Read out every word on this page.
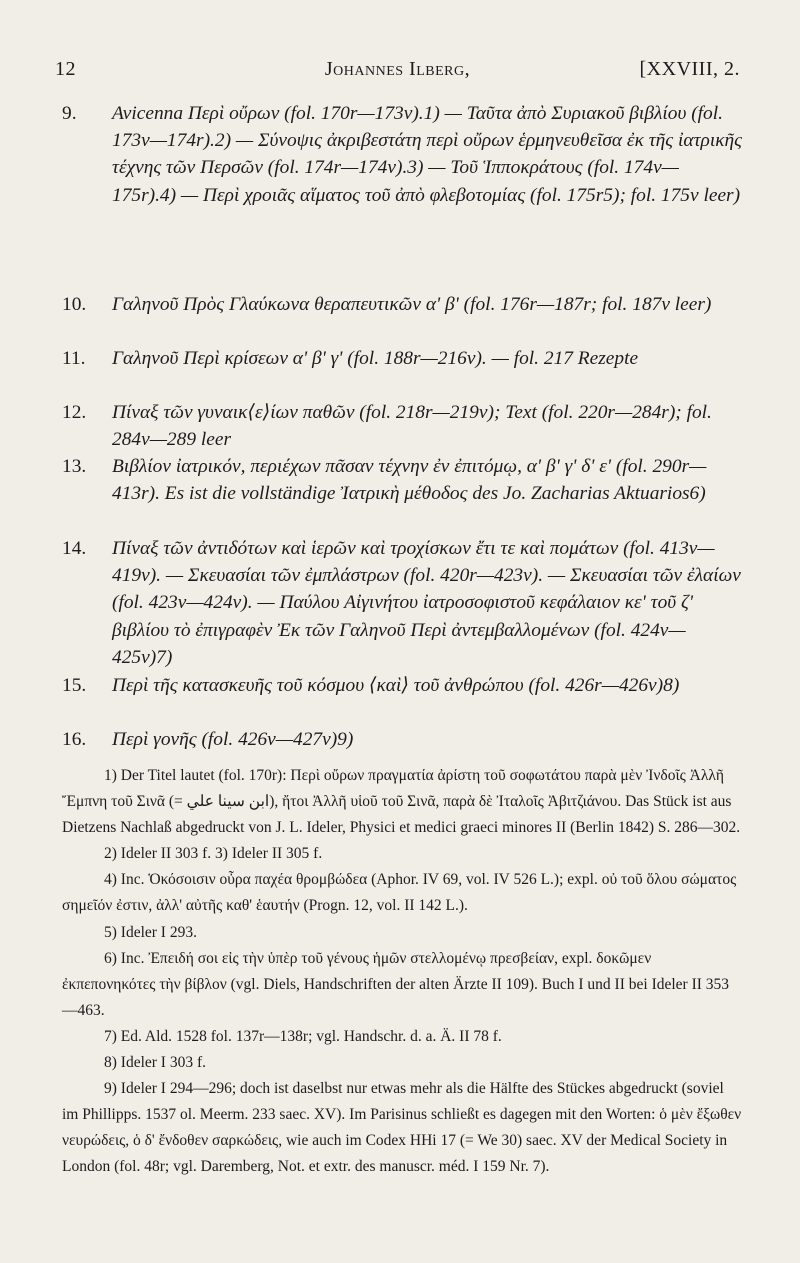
12	Johannes Ilberg,	[XXVIII, 2.
9. Avicenna Περὶ οὔρων (fol. 170r—173v).1) — Ταῦτα ἀπὸ Συριακοῦ βιβλίου (fol. 173v—174r).2) — Σύνοψις ἀκριβεστάτη περὶ οὔρων ἑρμηνευθεῖσα ἐκ τῆς ἰατρικῆς τέχνης τῶν Περσῶν (fol. 174r—174v).3) — Τοῦ Ἱπποκράτους (fol. 174v—175r).4) — Περὶ χροιᾶς αἵματος τοῦ ἀπὸ φλεβοτομίας (fol. 175r5); fol. 175v leer)
10. Γαληνοῦ Πρὸς Γλαύκωνα θεραπευτικῶν α' β' (fol. 176r—187r; fol. 187v leer)
11. Γαληνοῦ Περὶ κρίσεων α' β' γ' (fol. 188r—216v). — fol. 217 Rezepte
12. Πίναξ τῶν γυναικ⟨ε⟩ίων παθῶν (fol. 218r—219v); Text (fol. 220r—284r); fol. 284v—289 leer
13. Βιβλίον ἰατρικόν, περιέχων πᾶσαν τέχνην ἐν ἐπιτόμῳ, α' β' γ' δ' ε' (fol. 290r—413r). Es ist die vollständige Ἰατρικὴ μέθοδος des Jo. Zacharias Aktuarios6)
14. Πίναξ τῶν ἀντιδότων καὶ ἱερῶν καὶ τροχίσκων ἔτι τε καὶ πομάτων (fol. 413v—419v). — Σκευασίαι τῶν ἐμπλάστρων (fol. 420r—423v). — Σκευασίαι τῶν ἐλαίων (fol. 423v—424v). — Παύλου Αἰγινήτου ἰατροσοφιστοῦ κεφάλαιον κε' τοῦ ζ' βιβλίου τὸ ἐπιγραφὲν Ἐκ τῶν Γαληνοῦ Περὶ ἀντεμβαλλομένων (fol. 424v—425v)7)
15. Περὶ τῆς κατασκευῆς τοῦ κόσμου ⟨καὶ⟩ τοῦ ἀνθρώπου (fol. 426r—426v)8)
16. Περὶ γονῆς (fol. 426v—427v)9)
1) Der Titel lautet (fol. 170r): Περὶ οὔρων πραγματία ἀρίστη τοῦ σοφωτάτου παρὰ μὲν Ἰνδοῖς Ἀλλῆ Ἔμπνη τοῦ Σινᾶ (= ابن سينا علي), ἤτοι Ἀλλῆ υἱοῦ τοῦ Σινᾶ, παρὰ δὲ Ἰταλοῖς Ἀβιτζιάνου. Das Stück ist aus Dietzens Nachlaß abgedruckt von J. L. Ideler, Physici et medici graeci minores II (Berlin 1842) S. 286—302.
2) Ideler II 303 f. 3) Ideler II 305 f.
4) Inc. Ὁκόσοισιν οὖρα παχέα θρομβώδεα (Aphor. IV 69, vol. IV 526 L.); expl. οὐ τοῦ ὅλου σώματος σημεῖόν ἐστιν, ἀλλ' αὐτῆς καθ' ἑαυτήν (Progn. 12, vol. II 142 L.).
5) Ideler I 293.
6) Inc. Ἐπειδή σοι εἰς τὴν ὑπὲρ τοῦ γένους ἡμῶν στελλομένῳ πρεσβείαν, expl. δοκῶμεν ἐκπεπονηκότες τὴν βίβλον (vgl. Diels, Handschriften der alten Ärzte II 109). Buch I und II bei Ideler II 353—463.
7) Ed. Ald. 1528 fol. 137r—138r; vgl. Handschr. d. a. Ä. II 78 f.
8) Ideler I 303 f.
9) Ideler I 294—296; doch ist daselbst nur etwas mehr als die Hälfte des Stückes abgedruckt (soviel im Phillipps. 1537 ol. Meerm. 233 saec. XV). Im Parisinus schließt es dagegen mit den Worten: ὁ μὲν ἔξωθεν νευρώδεις, ὁ δ' ἔνδοθεν σαρκώδεις, wie auch im Codex HHi 17 (= We 30) saec. XV der Medical Society in London (fol. 48r; vgl. Daremberg, Not. et extr. des manuscr. méd. I 159 Nr. 7).
